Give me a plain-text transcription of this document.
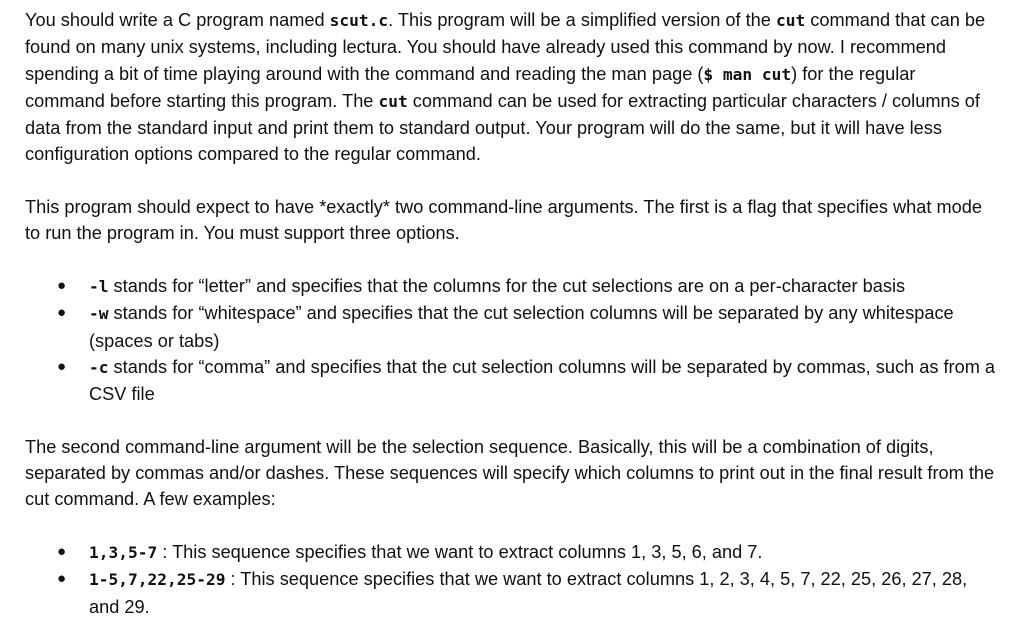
You should write a C program named scut.c. This program will be a simplified version of the cut command that can be found on many unix systems, including lectura. You should have already used this command by now. I recommend spending a bit of time playing around with the command and reading the man page ($ man cut) for the regular command before starting this program. The cut command can be used for extracting particular characters / columns of data from the standard input and print them to standard output. Your program will do the same, but it will have less configuration options compared to the regular command.

This program should expect to have *exactly* two command-line arguments. The first is a flag that specifies what mode to run the program in. You must support three options.

●
-l stands for “letter” and specifies that the columns for the cut selections are on a per-character basis
●
-w stands for “whitespace” and specifies that the cut selection columns will be separated by any whitespace (spaces or tabs)
●
-c stands for “comma” and specifies that the cut selection columns will be separated by commas, such as from a CSV file

The second command-line argument will be the selection sequence. Basically, this will be a combination of digits, separated by commas and/or dashes. These sequences will specify which columns to print out in the final result from the cut command. A few examples:

●
1,3,5-7 : This sequence specifies that we want to extract columns 1, 3, 5, 6, and 7.
●
1-5,7,22,25-29 : This sequence specifies that we want to extract columns 1, 2, 3, 4, 5, 7, 22, 25, 26, 27, 28, and 29.
